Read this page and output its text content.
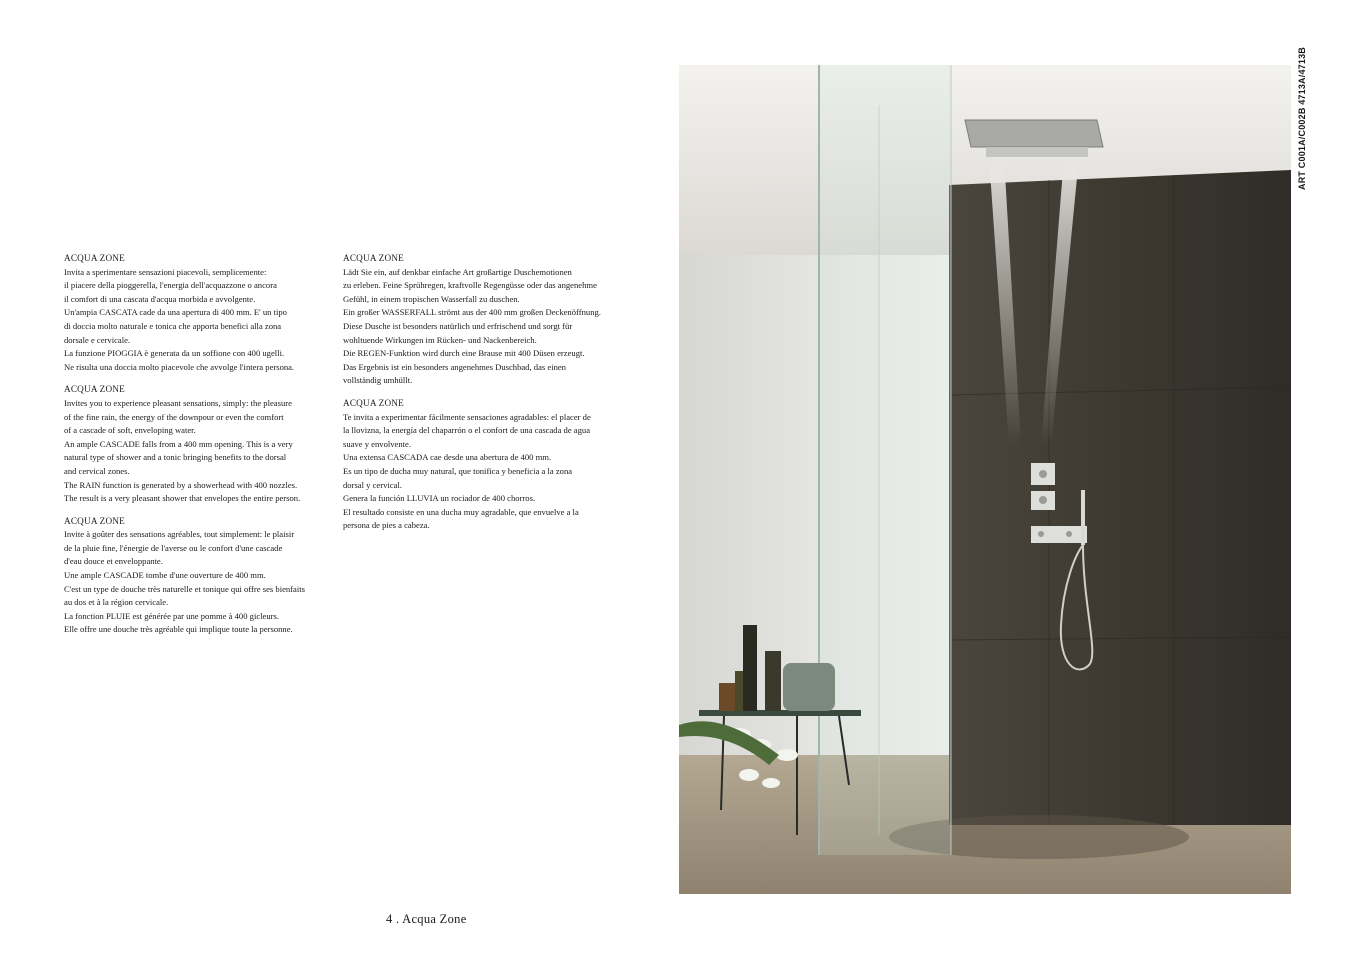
ACQUA ZONE

Invita a sperimentare sensazioni piacevoli, semplicemente:
il piacere della pioggerella, l'energia dell'acquazzone o ancora
il comfort di una cascata d'acqua morbida e avvolgente.
Un'ampia CASCATA cade da una apertura di 400 mm. E' un tipo
di doccia molto naturale e tonica che apporta benefici alla zona
dorsale e cervicale.
La funzione PIOGGIA è generata da un soffione con 400 ugelli.
Ne risulta una doccia molto piacevole che avvolge l'intera persona.

ACQUA ZONE

Invites you to experience pleasant sensations, simply: the pleasure
of the fine rain, the energy of the downpour or even the comfort
of a cascade of soft, enveloping water.
An ample CASCADE falls from a 400 mm opening. This is a very
natural type of shower and a tonic bringing benefits to the dorsal
and cervical zones.
The RAIN function is generated by a showerhead with 400 nozzles.
The result is a very pleasant shower that envelopes the entire person.

ACQUA ZONE

Invite à goûter des sensations agréables, tout simplement: le plaisir
de la pluie fine, l'énergie de l'averse ou le confort d'une cascade
d'eau douce et enveloppante.
Une ample CASCADE tombe d'une ouverture de 400 mm.
C'est un type de douche très naturelle et tonique qui offre ses bienfaits
au dos et à la région cervicale.
La fonction PLUIE est générée par une pomme à 400 gicleurs.
Elle offre une douche très agréable qui implique toute la personne.

ACQUA ZONE

Lädt Sie ein, auf denkbar einfache Art großartige Duschemotionen
zu erleben. Feine Sprühregen, kraftvolle Regengüsse oder das angenehme
Gefühl, in einem tropischen Wasserfall zu duschen.
Ein großer WASSERFALL strömt aus der 400 mm großen Deckenöffnung.
Diese Dusche ist besonders natürlich und erfrischend und sorgt für
wohltuende Wirkungen im Rücken- und Nackenbereich.
Die REGEN-Funktion wird durch eine Brause mit 400 Düsen erzeugt.
Das Ergebnis ist ein besonders angenehmes Duschbad, das einen
vollständig umhüllt.

ACQUA ZONE

Te invita a experimentar fácilmente sensaciones agradables: el placer de
la llovizna, la energía del chaparrón o el confort de una cascada de agua
suave y envolvente.
Una extensa CASCADA cae desde una abertura de 400 mm.
Es un tipo de ducha muy natural, que tonifica y beneficia a la zona
dorsal y cervical.
Genera la función LLUVIA un rociador de 400 chorros.
El resultado consiste en una ducha muy agradable, que envuelve a la
persona de pies a cabeza.

4 . Acqua Zone
ART C001A/C002B 4713A/4713B
